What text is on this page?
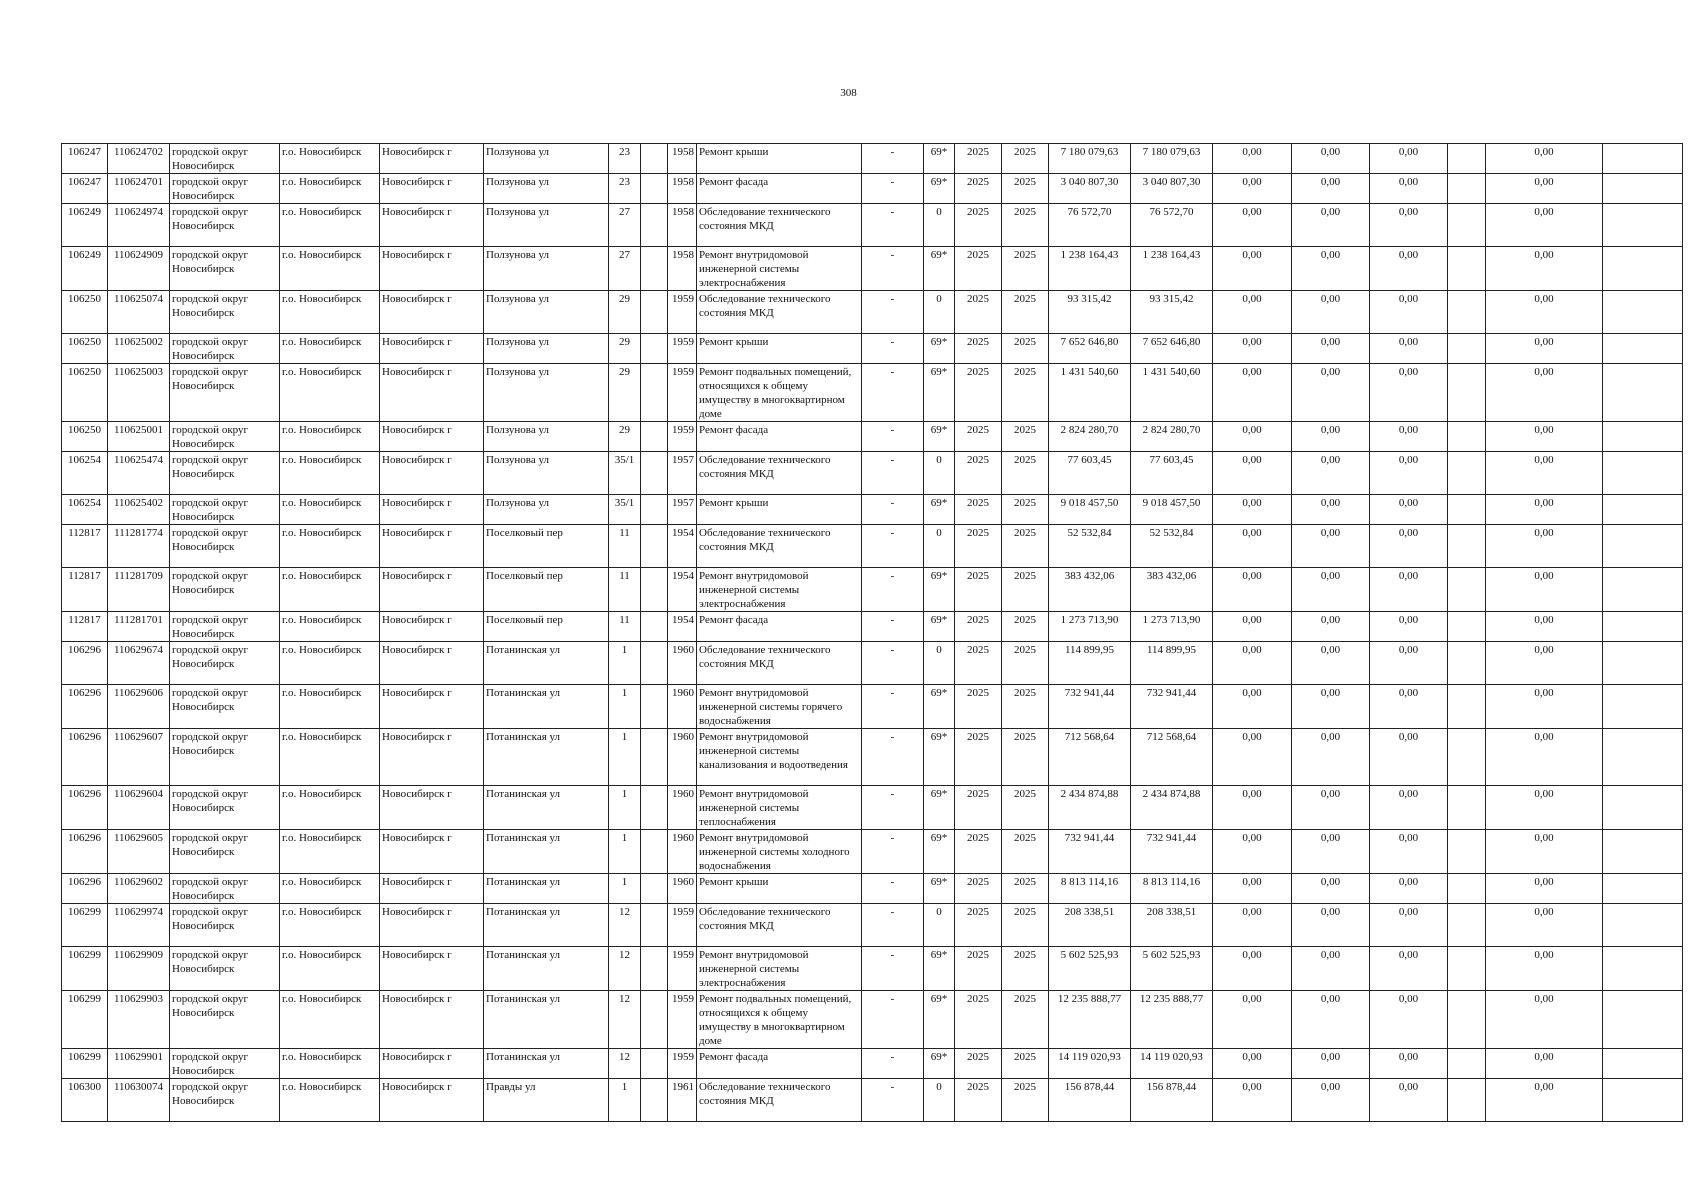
308
106247	110624702	городской округ Новосибирск	г.о. Новосибирск	Новосибирск г	Ползунова ул	23		1958	Ремонт крыши	-	69*	2025	2025	7 180 079,63	7 180 079,63	0,00	0,00	0,00		0,00	
106247	110624701	городской округ Новосибирск	г.о. Новосибирск	Новосибирск г	Ползунова ул	23		1958	Ремонт фасада	-	69*	2025	2025	3 040 807,30	3 040 807,30	0,00	0,00	0,00		0,00	
106249	110624974	городской округ Новосибирск	г.о. Новосибирск	Новосибирск г	Ползунова ул	27		1958	Обследование технического состояния МКД	-	0	2025	2025	76 572,70	76 572,70	0,00	0,00	0,00		0,00	
106249	110624909	городской округ Новосибирск	г.о. Новосибирск	Новосибирск г	Ползунова ул	27		1958	Ремонт внутридомовой инженерной системы электроснабжения	-	69*	2025	2025	1 238 164,43	1 238 164,43	0,00	0,00	0,00		0,00	
106250	110625074	городской округ Новосибирск	г.о. Новосибирск	Новосибирск г	Ползунова ул	29		1959	Обследование технического состояния МКД	-	0	2025	2025	93 315,42	93 315,42	0,00	0,00	0,00		0,00	
106250	110625002	городской округ Новосибирск	г.о. Новосибирск	Новосибирск г	Ползунова ул	29		1959	Ремонт крыши	-	69*	2025	2025	7 652 646,80	7 652 646,80	0,00	0,00	0,00		0,00	
106250	110625003	городской округ Новосибирск	г.о. Новосибирск	Новосибирск г	Ползунова ул	29		1959	Ремонт подвальных помещений, относящихся к общему имуществу в многоквартирном доме	-	69*	2025	2025	1 431 540,60	1 431 540,60	0,00	0,00	0,00		0,00	
106250	110625001	городской округ Новосибирск	г.о. Новосибирск	Новосибирск г	Ползунова ул	29		1959	Ремонт фасада	-	69*	2025	2025	2 824 280,70	2 824 280,70	0,00	0,00	0,00		0,00	
106254	110625474	городской округ Новосибирск	г.о. Новосибирск	Новосибирск г	Ползунова ул	35/1		1957	Обследование технического состояния МКД	-	0	2025	2025	77 603,45	77 603,45	0,00	0,00	0,00		0,00	
106254	110625402	городской округ Новосибирск	г.о. Новосибирск	Новосибирск г	Ползунова ул	35/1		1957	Ремонт крыши	-	69*	2025	2025	9 018 457,50	9 018 457,50	0,00	0,00	0,00		0,00	
112817	111281774	городской округ Новосибирск	г.о. Новосибирск	Новосибирск г	Поселковый пер	11		1954	Обследование технического состояния МКД	-	0	2025	2025	52 532,84	52 532,84	0,00	0,00	0,00		0,00	
112817	111281709	городской округ Новосибирск	г.о. Новосибирск	Новосибирск г	Поселковый пер	11		1954	Ремонт внутридомовой инженерной системы электроснабжения	-	69*	2025	2025	383 432,06	383 432,06	0,00	0,00	0,00		0,00	
112817	111281701	городской округ Новосибирск	г.о. Новосибирск	Новосибирск г	Поселковый пер	11		1954	Ремонт фасада	-	69*	2025	2025	1 273 713,90	1 273 713,90	0,00	0,00	0,00		0,00	
106296	110629674	городской округ Новосибирск	г.о. Новосибирск	Новосибирск г	Потанинская ул	1		1960	Обследование технического состояния МКД	-	0	2025	2025	114 899,95	114 899,95	0,00	0,00	0,00		0,00	
106296	110629606	городской округ Новосибирск	г.о. Новосибирск	Новосибирск г	Потанинская ул	1		1960	Ремонт внутридомовой инженерной системы горячего водоснабжения	-	69*	2025	2025	732 941,44	732 941,44	0,00	0,00	0,00		0,00	
106296	110629607	городской округ Новосибирск	г.о. Новосибирск	Новосибирск г	Потанинская ул	1		1960	Ремонт внутридомовой инженерной системы канализования и водоотведения	-	69*	2025	2025	712 568,64	712 568,64	0,00	0,00	0,00		0,00	
106296	110629604	городской округ Новосибирск	г.о. Новосибирск	Новосибирск г	Потанинская ул	1		1960	Ремонт внутридомовой инженерной системы теплоснабжения	-	69*	2025	2025	2 434 874,88	2 434 874,88	0,00	0,00	0,00		0,00	
106296	110629605	городской округ Новосибирск	г.о. Новосибирск	Новосибирск г	Потанинская ул	1		1960	Ремонт внутридомовой инженерной системы холодного водоснабжения	-	69*	2025	2025	732 941,44	732 941,44	0,00	0,00	0,00		0,00	
106296	110629602	городской округ Новосибирск	г.о. Новосибирск	Новосибирск г	Потанинская ул	1		1960	Ремонт крыши	-	69*	2025	2025	8 813 114,16	8 813 114,16	0,00	0,00	0,00		0,00	
106299	110629974	городской округ Новосибирск	г.о. Новосибирск	Новосибирск г	Потанинская ул	12		1959	Обследование технического состояния МКД	-	0	2025	2025	208 338,51	208 338,51	0,00	0,00	0,00		0,00	
106299	110629909	городской округ Новосибирск	г.о. Новосибирск	Новосибирск г	Потанинская ул	12		1959	Ремонт внутридомовой инженерной системы электроснабжения	-	69*	2025	2025	5 602 525,93	5 602 525,93	0,00	0,00	0,00		0,00	
106299	110629903	городской округ Новосибирск	г.о. Новосибирск	Новосибирск г	Потанинская ул	12		1959	Ремонт подвальных помещений, относящихся к общему имуществу в многоквартирном доме	-	69*	2025	2025	12 235 888,77	12 235 888,77	0,00	0,00	0,00		0,00	
106299	110629901	городской округ Новосибирск	г.о. Новосибирск	Новосибирск г	Потанинская ул	12		1959	Ремонт фасада	-	69*	2025	2025	14 119 020,93	14 119 020,93	0,00	0,00	0,00		0,00	
106300	110630074	городской округ Новосибирск	г.о. Новосибирск	Новосибирск г	Правды ул	1		1961	Обследование технического состояния МКД	-	0	2025	2025	156 878,44	156 878,44	0,00	0,00	0,00		0,00	
